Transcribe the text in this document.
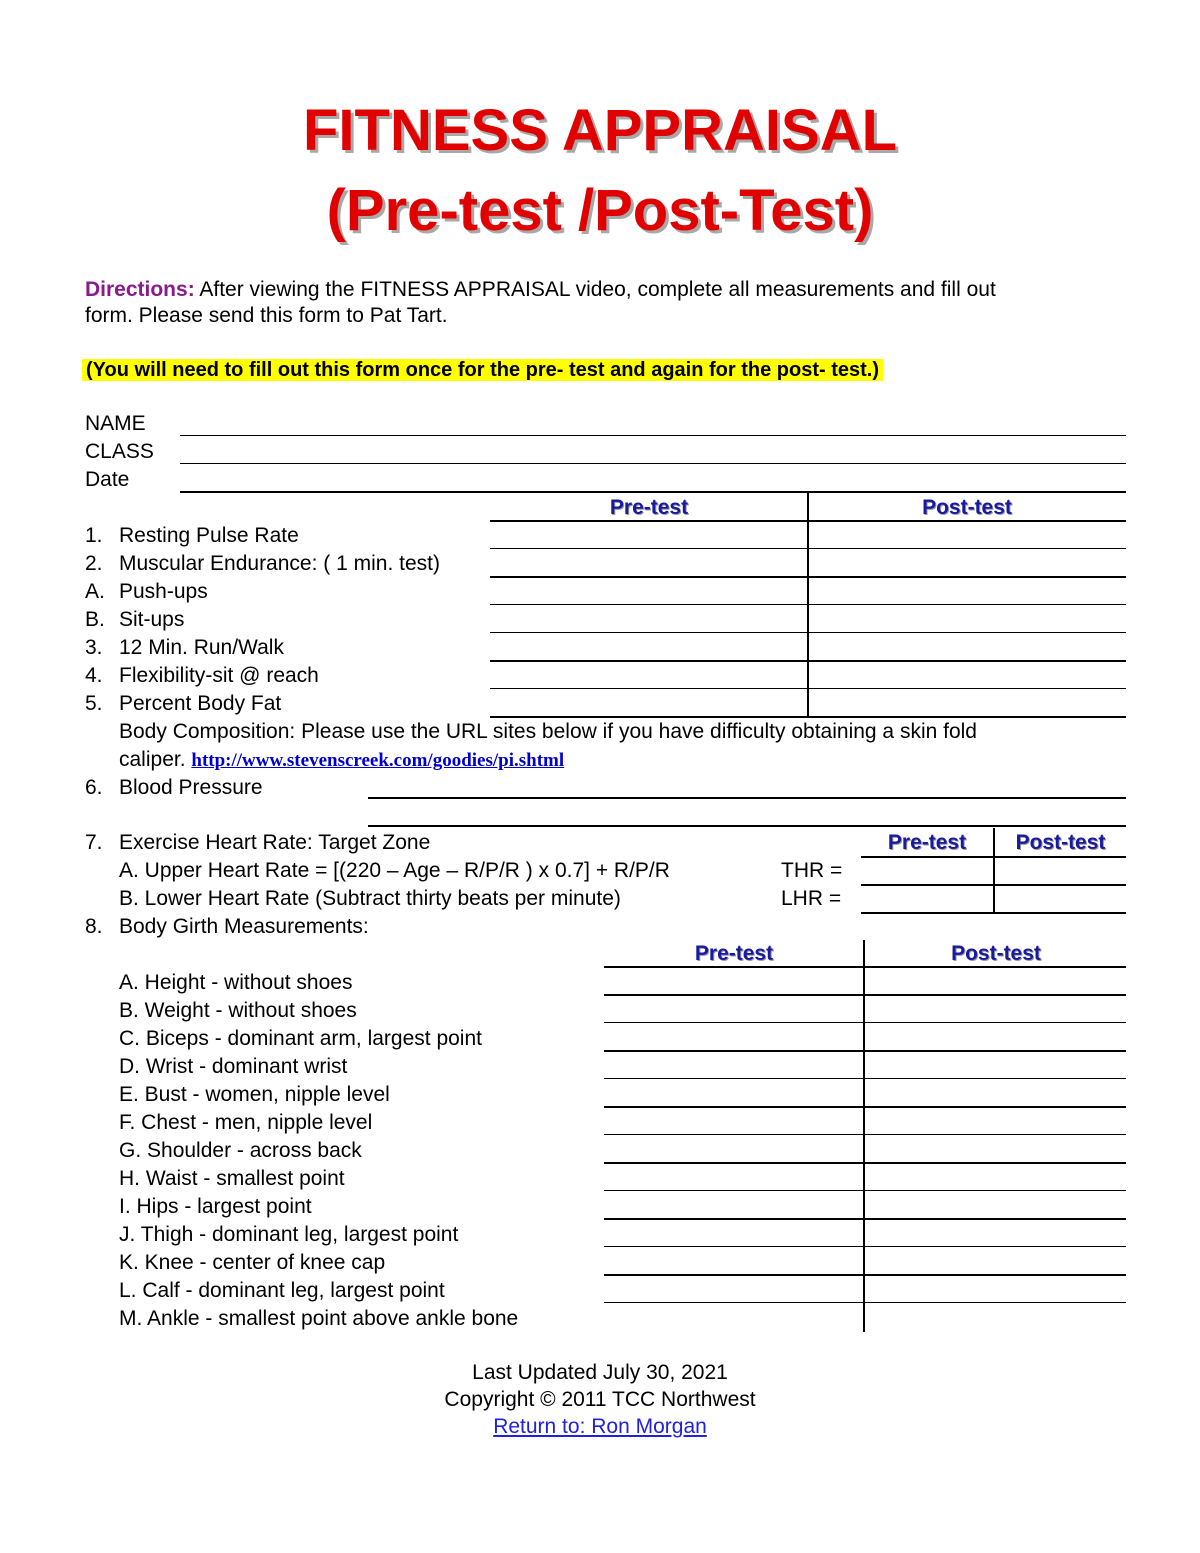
FITNESS APPRAISAL
(Pre-test /Post-Test)
Directions: After viewing the FITNESS APPRAISAL video, complete all measurements and fill out
form. Please send this form to Pat Tart.
(You will need to fill out this form once for the pre- test and again for the post- test.)
NAME
CLASS
Date
Pre-test	Post-test
1. Resting Pulse Rate
2. Muscular Endurance: ( 1 min. test)
A. Push-ups
B. Sit-ups
3. 12 Min. Run/Walk
4. Flexibility-sit @ reach
5. Percent Body Fat
Body Composition: Please use the URL sites below if you have difficulty obtaining a skin fold
caliper. http://www.stevenscreek.com/goodies/pi.shtml
6. Blood Pressure
7. Exercise Heart Rate: Target Zone	Pre-test	Post-test
A. Upper Heart Rate = [(220 – Age – R/P/R ) x 0.7] + R/P/R	THR =
B. Lower Heart Rate (Subtract thirty beats per minute)	LHR =
8. Body Girth Measurements:
Pre-test	Post-test
A. Height - without shoes
B. Weight - without shoes
C. Biceps - dominant arm, largest point
D. Wrist - dominant wrist
E. Bust - women, nipple level
F. Chest - men, nipple level
G. Shoulder - across back
H. Waist - smallest point
I. Hips - largest point
J. Thigh - dominant leg, largest point
K. Knee - center of knee cap
L. Calf - dominant leg, largest point
M. Ankle - smallest point above ankle bone
Last Updated July 30, 2021
Copyright © 2011 TCC Northwest
Return to: Ron Morgan
